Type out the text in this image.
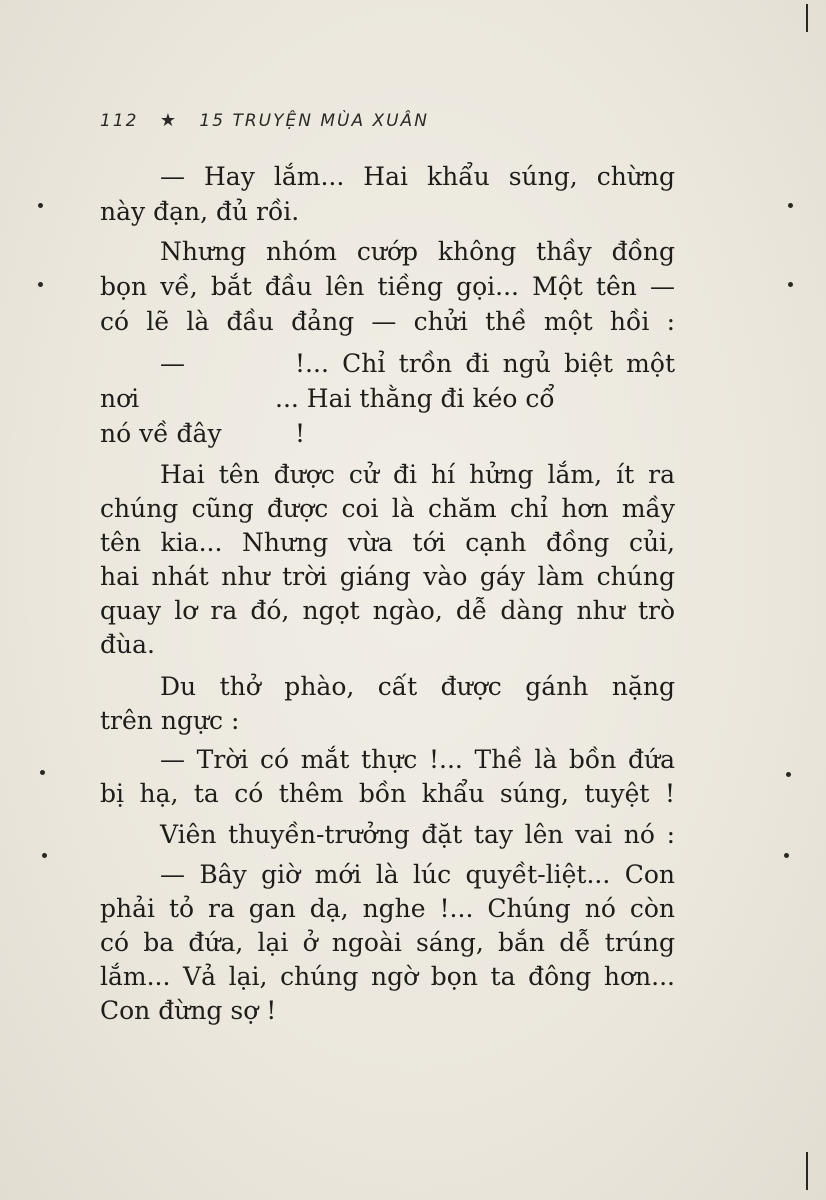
112 ★ 15 TRUYỆN MÙA XUÂN
— Hay lắm... Hai khẩu súng, chừng
này đạn, đủ rồi.
Nhưng nhóm cướp không thầy đồng
bọn về, bắt đầu lên tiềng gọi... Một tên —
có lẽ là đầu đảng — chửi thề một hồi :
—	!... Chỉ trồn đi ngủ biệt một
nơi	... Hai thằng đi kéo cổ
nó về đây	!
Hai tên được cử đi hí hửng lắm, ít ra
chúng cũng được coi là chăm chỉ hơn mầy
tên kia... Nhưng vừa tới cạnh đồng củi,
hai nhát như trời giáng vào gáy làm chúng
quay lơ ra đó, ngọt ngào, dễ dàng như trò
đùa.
Du thở phào, cất được gánh nặng
trên ngực :
— Trời có mắt thực !... Thề là bồn đứa
bị hạ, ta có thêm bồn khẩu súng, tuyệt !
Viên thuyền-trưởng đặt tay lên vai nó :
— Bây giờ mới là lúc quyềt-liệt... Con
phải tỏ ra gan dạ, nghe !... Chúng nó còn
có ba đứa, lại ở ngoài sáng, bắn dễ trúng
lắm... Vả lại, chúng ngờ bọn ta đông hơn...
Con đừng sợ !
